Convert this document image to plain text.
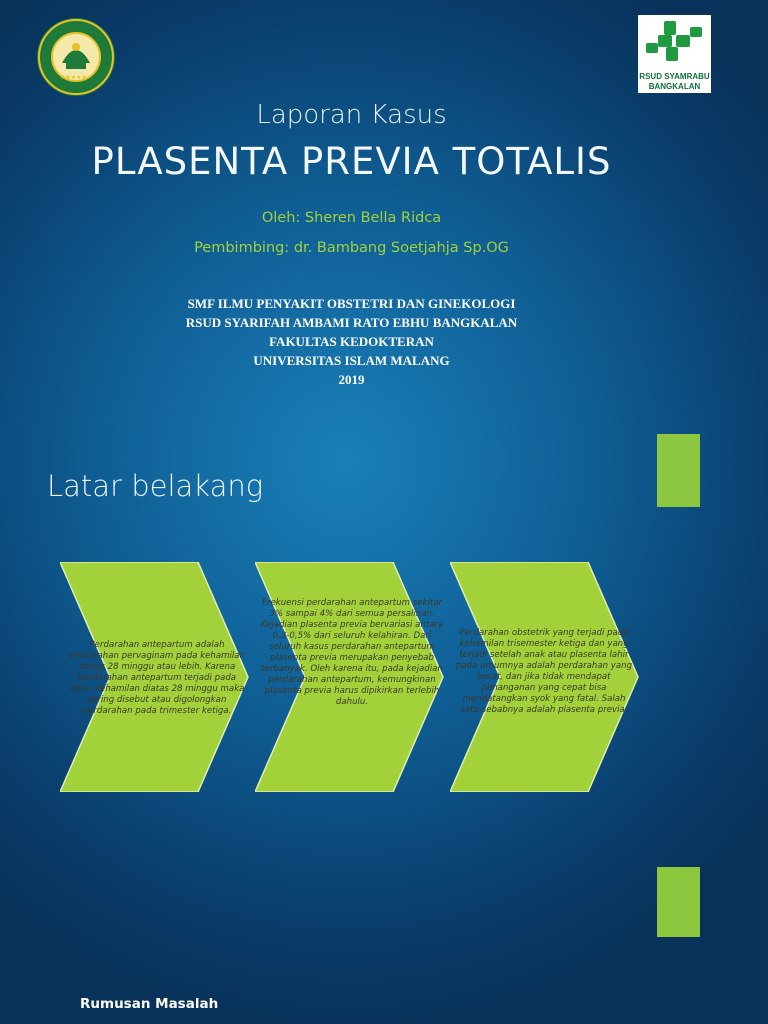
★★★★★	RSUD SYAMRABU
BANGKALAN
Laporan Kasus
PLASENTA PREVIA TOTALIS
Oleh: Sheren Bella Ridca
Pembimbing: dr. Bambang Soetjahja Sp.OG
SMF ILMU PENYAKIT OBSTETRI DAN GINEKOLOGI
RSUD SYARIFAH AMBAMI RATO EBHU BANGKALAN
FAKULTAS KEDOKTERAN
UNIVERSITAS ISLAM MALANG
2019
Latar belakang
Perdarahan antepartum adalah perdarahan pervaginam pada kehamilan diatas 28 minggu atau lebih. Karena perdarahan antepartum terjadi pada umur kehamilan diatas 28 minggu maka sering disebut atau digolongkan perdarahan pada trimester ketiga.
Frekuensi perdarahan antepartum sekitar 3% sampai 4% dari semua persalinan. Kejadian plasenta previa bervariasi antara 0,3-0,5% dari seluruh kelahiran. Dari seluruh kasus perdarahan antepartum plasenta previa merupakan penyebab terbanyak. Oleh karena itu, pada kejadian perdarahan antepartum, kemungkinan plasenta previa harus dipikirkan terlebih dahulu.
Perdarahan obstetrik yang terjadi pada kehamilan trisemester ketiga dan yang terjadi setelah anak atau plasenta lahir pada umumnya adalah perdarahan yang berat, dan jika tidak mendapat penanganan yang cepat bisa mendatangkan syok yang fatal. Salah satu sebabnya adalah plasenta previa.
Rumusan Masalah
